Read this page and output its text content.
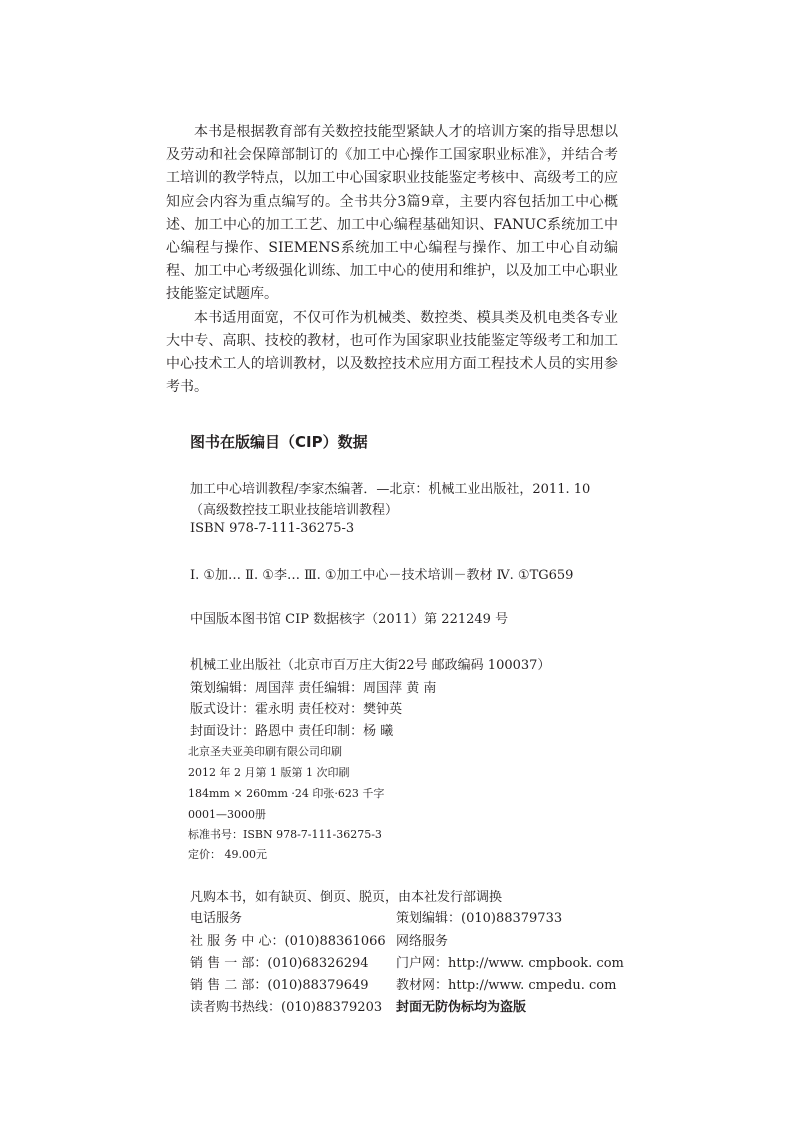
本书是根据教育部有关数控技能型紧缺人才的培训方案的指导思想以及劳动和社会保障部制订的《加工中心操作工国家职业标准》，并结合考工培训的教学特点，以加工中心国家职业技能鉴定考核中、高级考工的应知应会内容为重点编写的。全书共分3篇9章，主要内容包括加工中心概述、加工中心的加工工艺、加工中心编程基础知识、FANUC系统加工中心编程与操作、SIEMENS系统加工中心编程与操作、加工中心自动编程、加工中心考级强化训练、加工中心的使用和维护，以及加工中心职业技能鉴定试题库。

本书适用面宽，不仅可作为机械类、数控类、模具类及机电类各专业大中专、高职、技校的教材，也可作为国家职业技能鉴定等级考工和加工中心技术工人的培训教材，以及数控技术应用方面工程技术人员的实用参考书。

图书在版编目（CIP）数据
加工中心培训教程/李家杰编著．—北京：机械工业出版社，2011. 10
（高级数控技工职业技能培训教程）
ISBN 978-7-111-36275-3
Ⅰ. ①加… Ⅱ. ①李… Ⅲ. ①加工中心－技术培训－教材 Ⅳ. ①TG659
中国版本图书馆 CIP 数据核字（2011）第 221249 号
机械工业出版社（北京市百万庄大街22号 邮政编码 100037）
策划编辑：周国萍 责任编辑：周国萍 黄 南
版式设计：霍永明 责任校对：樊钟英
封面设计：路恩中 责任印制：杨 曦
北京圣夫亚美印刷有限公司印刷
2012 年 2 月第 1 版第 1 次印刷
184mm × 260mm ·24 印张·623 千字
0001—3000册
标准书号：ISBN 978-7-111-36275-3
定价： 49.00元
凡购本书，如有缺页、倒页、脱页，由本社发行部调换
电话服务
社 服 务 中 心：(010)88361066
销 售 一 部：(010)68326294
销 售 二 部：(010)88379649
读者购书热线：(010)88379203
策划编辑：(010)88379733
网络服务
门户网：http://www. cmpbook. com
教材网：http://www. cmpedu. com
封面无防伪标均为盗版
